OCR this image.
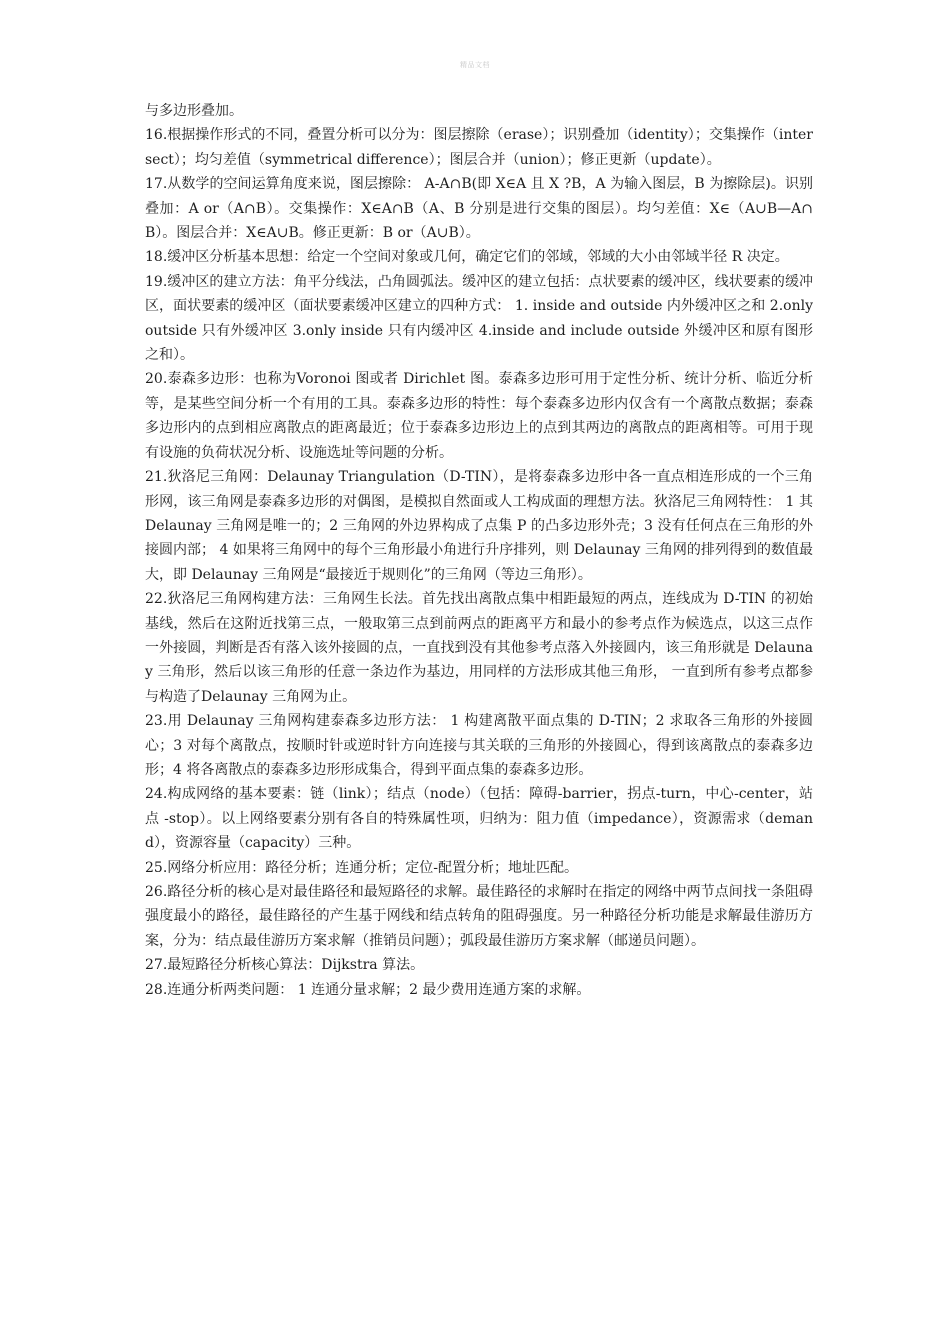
精品文档

与多边形叠加。

16.根据操作形式的不同，叠置分析可以分为：图层擦除（erase）；识别叠加（identity）；交集操作（intersect）；均匀差值（symmetrical difference）；图层合并（union）；修正更新（update）。

17.从数学的空间运算角度来说，图层擦除： A-A∩B(即 X∈A 且 X ?B，A 为输入图层，B 为擦除层)。识别叠加：A or（A∩B）。交集操作：X∈A∩B（A、B 分别是进行交集的图层）。均匀差值：X∈（A∪B—A∩B）。图层合并：X∈A∪B。修正更新：B or（A∪B）。

18.缓冲区分析基本思想：给定一个空间对象或几何，确定它们的邻域，邻域的大小由邻域半径 R 决定。

19.缓冲区的建立方法：角平分线法，凸角圆弧法。缓冲区的建立包括：点状要素的缓冲区，线状要素的缓冲区，面状要素的缓冲区（面状要素缓冲区建立的四种方式： 1. inside and outside 内外缓冲区之和 2.only outside 只有外缓冲区 3.only inside 只有内缓冲区 4.inside and include outside 外缓冲区和原有图形之和）。

20.泰森多边形：也称为Voronoi 图或者 Dirichlet 图。泰森多边形可用于定性分析、统计分析、临近分析等，是某些空间分析一个有用的工具。泰森多边形的特性：每个泰森多边形内仅含有一个离散点数据；泰森多边形内的点到相应离散点的距离最近；位于泰森多边形边上的点到其两边的离散点的距离相等。可用于现有设施的负荷状况分析、设施选址等问题的分析。

21.狄洛尼三角网：Delaunay Triangulation（D-TIN），是将泰森多边形中各一直点相连形成的一个三角形网，该三角网是泰森多边形的对偶图，是模拟自然面或人工构成面的理想方法。狄洛尼三角网特性： 1 其 Delaunay 三角网是唯一的；2 三角网的外边界构成了点集 P 的凸多边形外壳；3 没有任何点在三角形的外接圆内部； 4 如果将三角网中的每个三角形最小角进行升序排列，则 Delaunay 三角网的排列得到的数值最大，即 Delaunay 三角网是“最接近于规则化”的三角网（等边三角形）。

22.狄洛尼三角网构建方法：三角网生长法。首先找出离散点集中相距最短的两点，连线成为 D-TIN 的初始基线，然后在这附近找第三点，一般取第三点到前两点的距离平方和最小的参考点作为候选点，以这三点作一外接圆，判断是否有落入该外接圆的点，一直找到没有其他参考点落入外接圆内，该三角形就是 Delaunay 三角形，然后以该三角形的任意一条边作为基边，用同样的方法形成其他三角形， 一直到所有参考点都参与构造了Delaunay 三角网为止。

23.用 Delaunay 三角网构建泰森多边形方法： 1 构建离散平面点集的 D-TIN；2 求取各三角形的外接圆心；3 对每个离散点，按顺时针或逆时针方向连接与其关联的三角形的外接圆心，得到该离散点的泰森多边形；4 将各离散点的泰森多边形形成集合，得到平面点集的泰森多边形。

24.构成网络的基本要素：链（link）；结点（node）（包括：障碍-barrier，拐点-turn，中心-center，站点 -stop）。以上网络要素分别有各自的特殊属性项，归纳为：阻力值（impedance），资源需求（demand），资源容量（capacity）三种。

25.网络分析应用：路径分析；连通分析；定位-配置分析；地址匹配。

26.路径分析的核心是对最佳路径和最短路径的求解。最佳路径的求解时在指定的网络中两节点间找一条阻碍强度最小的路径，最佳路径的产生基于网线和结点转角的阻碍强度。另一种路径分析功能是求解最佳游历方案，分为：结点最佳游历方案求解（推销员问题）；弧段最佳游历方案求解（邮递员问题）。

27.最短路径分析核心算法：Dijkstra 算法。

28.连通分析两类问题： 1 连通分量求解；2 最少费用连通方案的求解。
